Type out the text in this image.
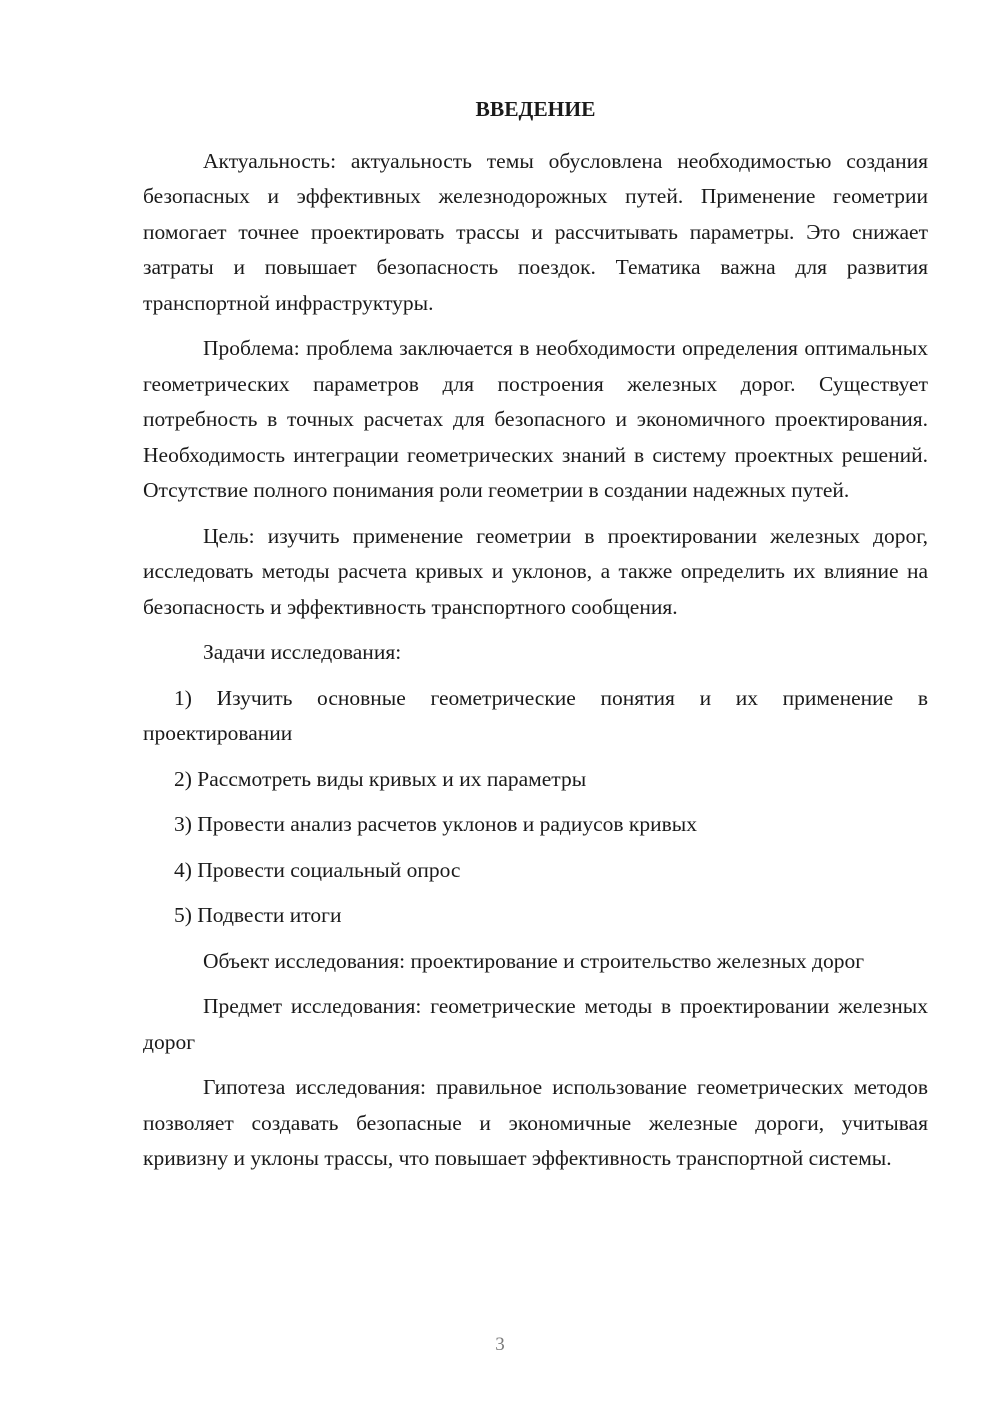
ВВЕДЕНИЕ

Актуальность: актуальность темы обусловлена необходимостью создания безопасных и эффективных железнодорожных путей. Применение геометрии помогает точнее проектировать трассы и рассчитывать параметры. Это снижает затраты и повышает безопасность поездок. Тематика важна для развития транспортной инфраструктуры.

Проблема: проблема заключается в необходимости определения оптимальных геометрических параметров для построения железных дорог. Существует потребность в точных расчетах для безопасного и экономичного проектирования. Необходимость интеграции геометрических знаний в систему проектных решений. Отсутствие полного понимания роли геометрии в создании надежных путей.

Цель: изучить применение геометрии в проектировании железных дорог, исследовать методы расчета кривых и уклонов, а также определить их влияние на безопасность и эффективность транспортного сообщения.

Задачи исследования:

1) Изучить основные геометрические понятия и их применение в проектировании

2) Рассмотреть виды кривых и их параметры

3) Провести анализ расчетов уклонов и радиусов кривых

4) Провести социальный опрос

5) Подвести итоги

Объект исследования: проектирование и строительство железных дорог

Предмет исследования: геометрические методы в проектировании железных дорог

Гипотеза исследования: правильное использование геометрических методов позволяет создавать безопасные и экономичные железные дороги, учитывая кривизну и уклоны трассы, что повышает эффективность транспортной системы.

3
